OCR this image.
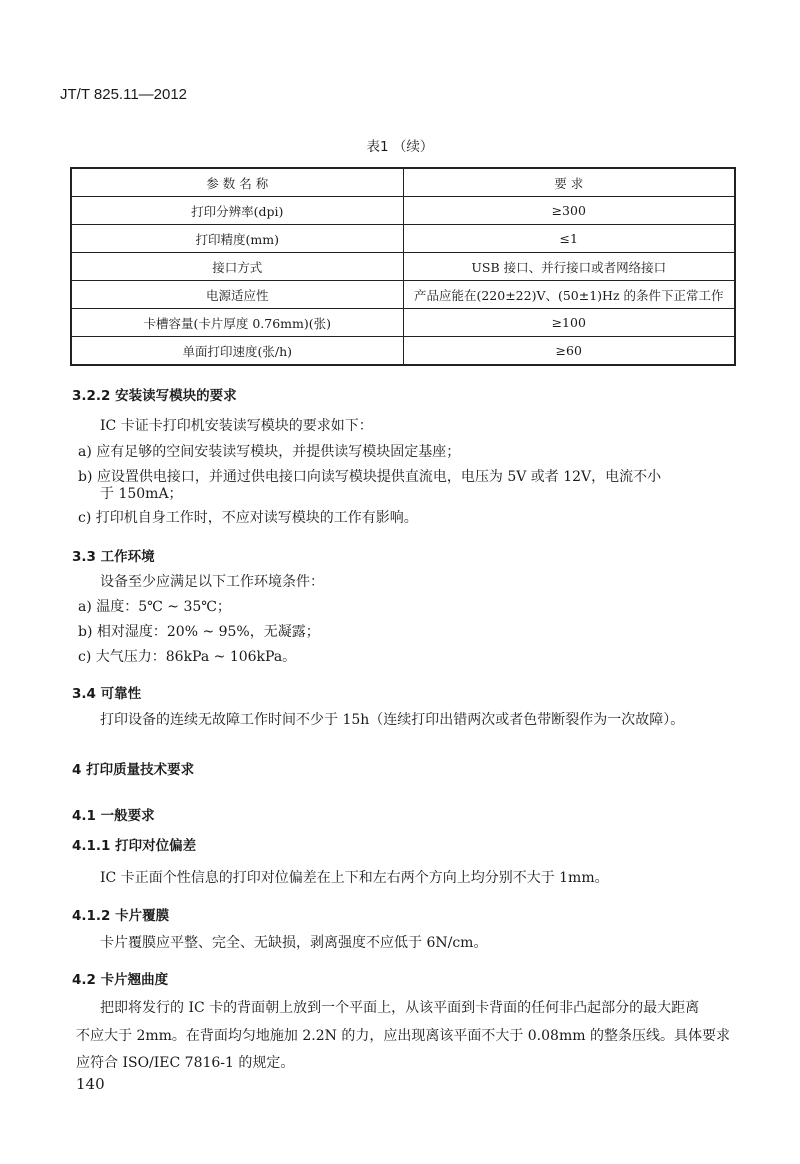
JT/T 825.11—2012
表1 （续）
参 数 名 称	要 求
打印分辨率(dpi)	≥300
打印精度(mm)	≤1
接口方式	USB 接口、并行接口或者网络接口
电源适应性	产品应能在(220±22)V、(50±1)Hz 的条件下正常工作
卡槽容量(卡片厚度 0.76mm)(张)	≥100
单面打印速度(张/h)	≥60
3.2.2 安装读写模块的要求
IC 卡证卡打印机安装读写模块的要求如下：
a) 应有足够的空间安装读写模块，并提供读写模块固定基座；
b) 应设置供电接口，并通过供电接口向读写模块提供直流电，电压为 5V 或者 12V，电流不小
于 150mA；
c) 打印机自身工作时，不应对读写模块的工作有影响。
3.3 工作环境
设备至少应满足以下工作环境条件：
a) 温度：5℃ ~ 35℃；
b) 相对湿度：20% ~ 95%，无凝露；
c) 大气压力：86kPa ~ 106kPa。
3.4 可靠性
打印设备的连续无故障工作时间不少于 15h（连续打印出错两次或者色带断裂作为一次故障）。
4 打印质量技术要求
4.1 一般要求
4.1.1 打印对位偏差
IC 卡正面个性信息的打印对位偏差在上下和左右两个方向上均分别不大于 1mm。
4.1.2 卡片覆膜
卡片覆膜应平整、完全、无缺损，剥离强度不应低于 6N/cm。
4.2 卡片翘曲度
把即将发行的 IC 卡的背面朝上放到一个平面上，从该平面到卡背面的任何非凸起部分的最大距离
不应大于 2mm。在背面均匀地施加 2.2N 的力，应出现离该平面不大于 0.08mm 的整条压线。具体要求
应符合 ISO/IEC 7816-1 的规定。
140
